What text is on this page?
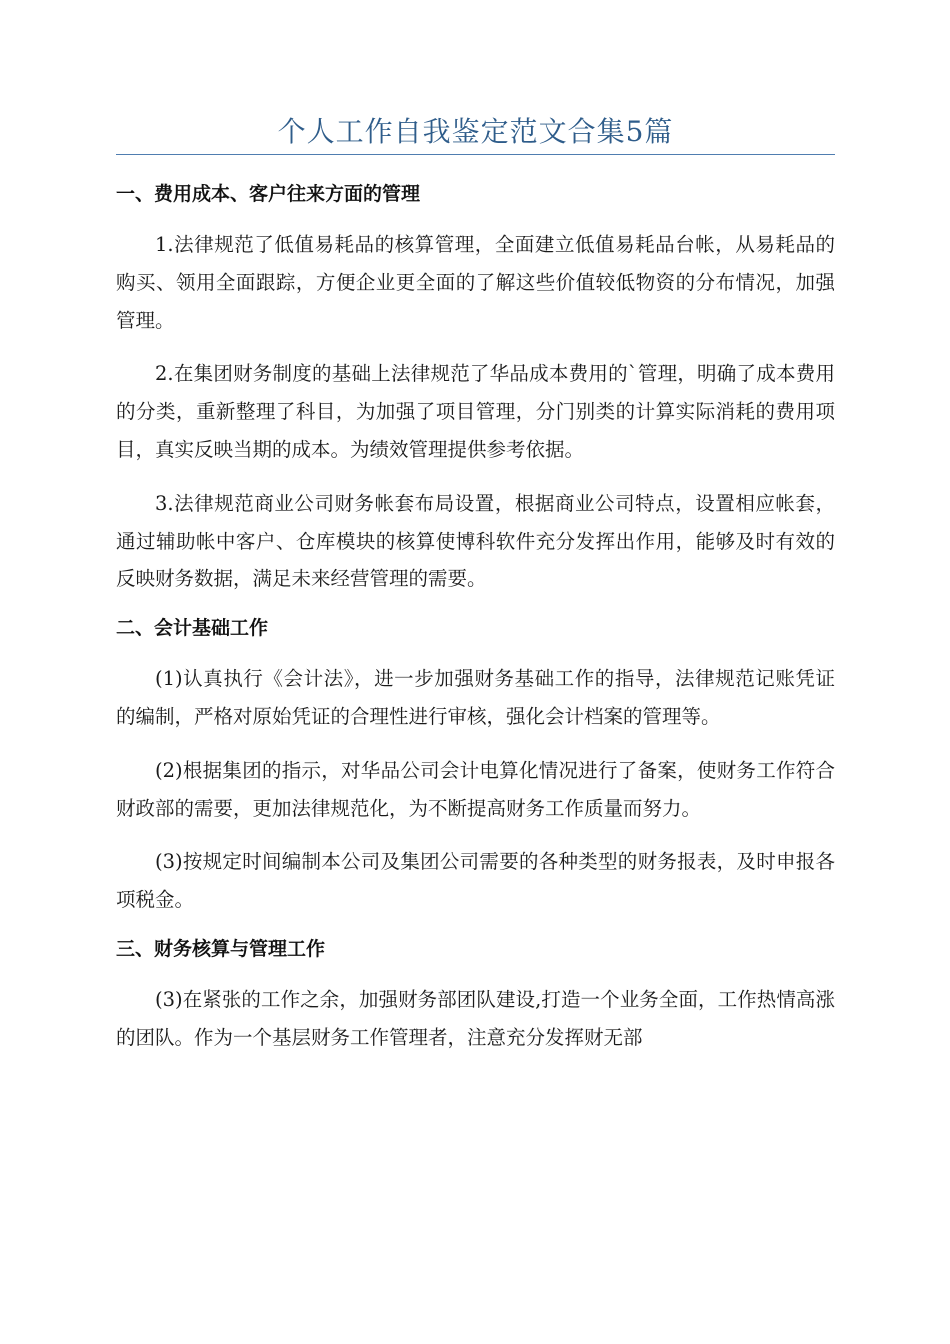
个人工作自我鉴定范文合集5篇
一、费用成本、客户往来方面的管理

1.法律规范了低值易耗品的核算管理，全面建立低值易耗品台帐，从易耗品的购买、领用全面跟踪，方便企业更全面的了解这些价值较低物资的分布情况，加强管理。

2.在集团财务制度的基础上法律规范了华品成本费用的`管理，明确了成本费用的分类，重新整理了科目，为加强了项目管理，分门别类的计算实际消耗的费用项目，真实反映当期的成本。为绩效管理提供参考依据。

3.法律规范商业公司财务帐套布局设置，根据商业公司特点，设置相应帐套，通过辅助帐中客户、仓库模块的核算使博科软件充分发挥出作用，能够及时有效的反映财务数据，满足未来经营管理的需要。

二、会计基础工作

(1)认真执行《会计法》，进一步加强财务基础工作的指导，法律规范记账凭证的编制，严格对原始凭证的合理性进行审核，强化会计档案的管理等。

(2)根据集团的指示，对华品公司会计电算化情况进行了备案，使财务工作符合财政部的需要，更加法律规范化，为不断提高财务工作质量而努力。

(3)按规定时间编制本公司及集团公司需要的各种类型的财务报表，及时申报各项税金。

三、财务核算与管理工作

(3)在紧张的工作之余，加强财务部团队建设,打造一个业务全面，工作热情高涨的团队。作为一个基层财务工作管理者，注意充分发挥财无部
